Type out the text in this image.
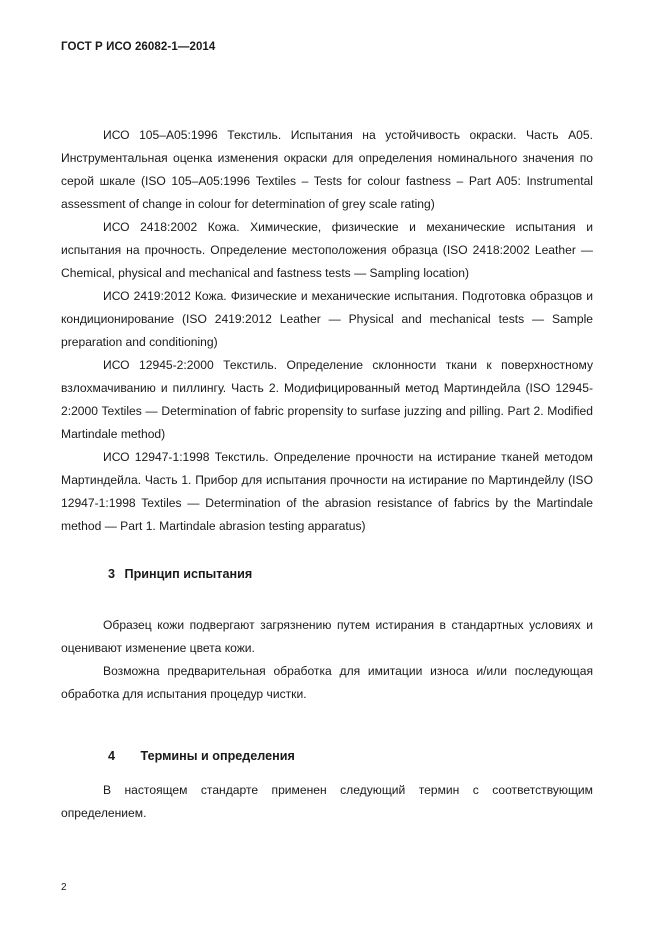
ГОСТ Р ИСО 26082-1—2014

ИСО 105–А05:1996 Текстиль. Испытания на устойчивость окраски. Часть А05. Инструментальная оценка изменения окраски для определения номинального значения по серой шкале (ISO 105–А05:1996 Textiles – Tests for colour fastness – Part A05: Instrumental assessment of change in colour for determination of grey scale rating)

ИСО 2418:2002 Кожа. Химические, физические и механические испытания и испытания на прочность. Определение местоположения образца (ISO 2418:2002 Leather — Chemical, physical and mechanical and fastness tests — Sampling location)

ИСО 2419:2012 Кожа. Физические и механические испытания. Подготовка образцов и кондиционирование (ISO 2419:2012 Leather — Physical and mechanical tests — Sample preparation and conditioning)

ИСО 12945-2:2000 Текстиль. Определение склонности ткани к поверхностному взлохмачиванию и пиллингу. Часть 2. Модифицированный метод Мартиндейла (ISO 12945-2:2000 Textiles — Determination of fabric propensity to surfase juzzing and pilling. Part 2. Modified Martindale method)

ИСО 12947-1:1998 Текстиль. Определение прочности на истирание тканей методом Мартиндейла. Часть 1. Прибор для испытания прочности на истирание по Мартиндейлу (ISO 12947-1:1998 Textiles — Determination of the abrasion resistance of fabrics by the Martindale method — Part 1. Martindale abrasion testing apparatus)

3 Принцип испытания

Образец кожи подвергают загрязнению путем истирания в стандартных условиях и оценивают изменение цвета кожи.

Возможна предварительная обработка для имитации износа и/или последующая обработка для испытания процедур чистки.

4 Термины и определения

В настоящем стандарте применен следующий термин с соответствующим определением.

2
